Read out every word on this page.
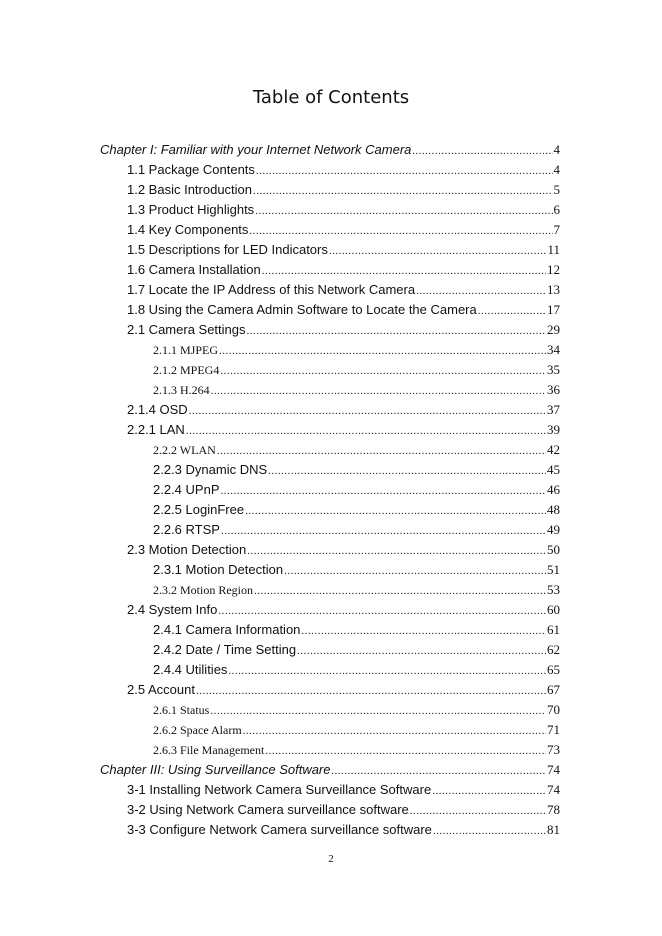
Table of Contents
Chapter I: Familiar with your Internet Network Camera .....	4
1.1 Package Contents .....	4
1.2 Basic Introduction .....	5
1.3 Product Highlights .....	6
1.4 Key Components .....	7
1.5 Descriptions for LED Indicators .....	11
1.6 Camera Installation .....	12
1.7 Locate the IP Address of this Network Camera .....	13
1.8 Using the Camera Admin Software to Locate the Camera .....	17
2.1 Camera Settings .....	29
2.1.1 MJPEG .....	34
2.1.2 MPEG4 .....	35
2.1.3 H.264 .....	36
2.1.4 OSD .....	37
2.2.1 LAN .....	39
2.2.2 WLAN .....	42
2.2.3 Dynamic DNS .....	45
2.2.4 UPnP .....	46
2.2.5 LoginFree .....	48
2.2.6 RTSP .....	49
2.3 Motion Detection .....	50
2.3.1 Motion Detection .....	51
2.3.2 Motion Region .....	53
2.4 System Info .....	60
2.4.1 Camera Information .....	61
2.4.2 Date / Time Setting .....	62
2.4.4 Utilities .....	65
2.5 Account .....	67
2.6.1 Status .....	70
2.6.2 Space Alarm .....	71
2.6.3 File Management .....	73
Chapter III: Using Surveillance Software .....	74
3-1 Installing Network Camera Surveillance Software .....	74
3-2 Using Network Camera surveillance software .....	78
3-3 Configure Network Camera surveillance software .....	81
2
